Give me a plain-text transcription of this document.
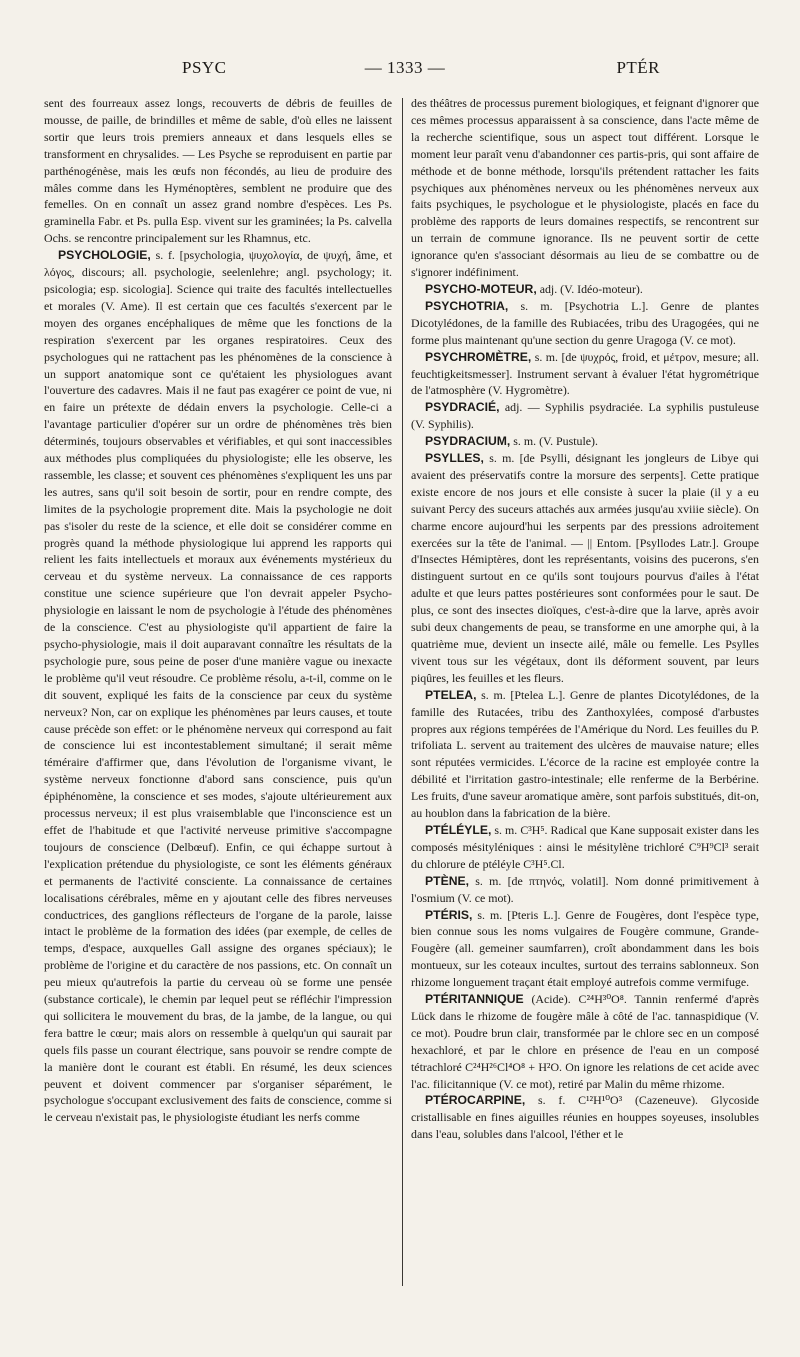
PSYC	— 1333 —	PTÉR

sent des fourreaux assez longs, recouverts de débris de feuilles de mousse, de paille, de brindilles et même de sable, d'où elles ne laissent sortir que leurs trois premiers anneaux et dans lesquels elles se transforment en chrysalides. — Les Psyche se reproduisent en partie par parthénogénèse, mais les œufs non fécondés, au lieu de produire des mâles comme dans les Hyménoptères, semblent ne produire que des femelles. On en connaît un assez grand nombre d'espèces. Les Ps. graminella Fabr. et Ps. pulla Esp. vivent sur les graminées; la Ps. calvella Ochs. se rencontre principalement sur les Rhamnus, etc.

PSYCHOLOGIE, s. f. [psychologia, ψυχολογία, de ψυχή, âme, et λόγος, discours; all. psychologie, seelenlehre; angl. psychology; it. psicologia; esp. sicologia]. Science qui traite des facultés intellectuelles et morales (V. Ame). Il est certain que ces facultés s'exercent par le moyen des organes encéphaliques de même que les fonctions de la respiration s'exercent par les organes respiratoires. Ceux des psychologues qui ne rattachent pas les phénomènes de la conscience à un support anatomique sont ce qu'étaient les physiologues avant l'ouverture des cadavres. Mais il ne faut pas exagérer ce point de vue, ni en faire un prétexte de dédain envers la psychologie. Celle-ci a l'avantage particulier d'opérer sur un ordre de phénomènes très bien déterminés, toujours observables et vérifiables, et qui sont inaccessibles aux méthodes plus compliquées du physiologiste; elle les observe, les rassemble, les classe; et souvent ces phénomènes s'expliquent les uns par les autres, sans qu'il soit besoin de sortir, pour en rendre compte, des limites de la psychologie proprement dite. Mais la psychologie ne doit pas s'isoler du reste de la science, et elle doit se considérer comme en progrès quand la méthode physiologique lui apprend les rapports qui relient les faits intellectuels et moraux aux événements mystérieux du cerveau et du système nerveux. La connaissance de ces rapports constitue une science supérieure que l'on devrait appeler Psycho-physiologie en laissant le nom de psychologie à l'étude des phénomènes de la conscience. C'est au physiologiste qu'il appartient de faire la psycho-physiologie, mais il doit auparavant connaître les résultats de la psychologie pure, sous peine de poser d'une manière vague ou inexacte le problème qu'il veut résoudre. Ce problème résolu, a-t-il, comme on le dit souvent, expliqué les faits de la conscience par ceux du système nerveux? Non, car on explique les phénomènes par leurs causes, et toute cause précède son effet: or le phénomène nerveux qui correspond au fait de conscience lui est incontestablement simultané; il serait même téméraire d'affirmer que, dans l'évolution de l'organisme vivant, le système nerveux fonctionne d'abord sans conscience, puis qu'un épiphénomène, la conscience et ses modes, s'ajoute ultérieurement aux processus nerveux; il est plus vraisemblable que l'inconscience est un effet de l'habitude et que l'activité nerveuse primitive s'accompagne toujours de conscience (Delbœuf). Enfin, ce qui échappe surtout à l'explication prétendue du physiologiste, ce sont les éléments généraux et permanents de l'activité consciente. La connaissance de certaines localisations cérébrales, même en y ajoutant celle des fibres nerveuses conductrices, des ganglions réflecteurs de l'organe de la parole, laisse intact le problème de la formation des idées (par exemple, de celles de temps, d'espace, auxquelles Gall assigne des organes spéciaux); le problème de l'origine et du caractère de nos passions, etc. On connaît un peu mieux qu'autrefois la partie du cerveau où se forme une pensée (substance corticale), le chemin par lequel peut se réfléchir l'impression qui sollicitera le mouvement du bras, de la jambe, de la langue, ou qui fera battre le cœur; mais alors on ressemble à quelqu'un qui saurait par quels fils passe un courant électrique, sans pouvoir se rendre compte de la manière dont le courant est établi. En résumé, les deux sciences peuvent et doivent commencer par s'organiser séparément, le psychologue s'occupant exclusivement des faits de conscience, comme si le cerveau n'existait pas, le physiologiste étudiant les nerfs comme

des théâtres de processus purement biologiques, et feignant d'ignorer que ces mêmes processus apparaissent à sa conscience, dans l'acte même de la recherche scientifique, sous un aspect tout différent. Lorsque le moment leur paraît venu d'abandonner ces partis-pris, qui sont affaire de méthode et de bonne méthode, lorsqu'ils prétendent rattacher les faits psychiques aux phénomènes nerveux ou les phénomènes nerveux aux faits psychiques, le psychologue et le physiologiste, placés en face du problème des rapports de leurs domaines respectifs, se rencontrent sur un terrain de commune ignorance. Ils ne peuvent sortir de cette ignorance qu'en s'associant désormais au lieu de se combattre ou de s'ignorer indéfiniment.

PSYCHO-MOTEUR, adj. (V. Idéo-moteur).

PSYCHOTRIA, s. m. [Psychotria L.]. Genre de plantes Dicotylédones, de la famille des Rubiacées, tribu des Uragogées, qui ne forme plus maintenant qu'une section du genre Uragoga (V. ce mot).

PSYCHROMÈTRE, s. m. [de ψυχρός, froid, et μέτρον, mesure; all. feuchtigkeitsmesser]. Instrument servant à évaluer l'état hygrométrique de l'atmosphère (V. Hygromètre).

PSYDRACIÉ, adj. — Syphilis psydraciée. La syphilis pustuleuse (V. Syphilis).

PSYDRACIUM, s. m. (V. Pustule).

PSYLLES, s. m. [de Psylli, désignant les jongleurs de Libye qui avaient des préservatifs contre la morsure des serpents]. Cette pratique existe encore de nos jours et elle consiste à sucer la plaie (il y a eu suivant Percy des suceurs attachés aux armées jusqu'au xviiie siècle). On charme encore aujourd'hui les serpents par des pressions adroitement exercées sur la tête de l'animal. — || Entom. [Psyllodes Latr.]. Groupe d'Insectes Hémiptères, dont les représentants, voisins des pucerons, s'en distinguent surtout en ce qu'ils sont toujours pourvus d'ailes à l'état adulte et que leurs pattes postérieures sont conformées pour le saut. De plus, ce sont des insectes dioïques, c'est-à-dire que la larve, après avoir subi deux changements de peau, se transforme en une amorphe qui, à la quatrième mue, devient un insecte ailé, mâle ou femelle. Les Psylles vivent tous sur les végétaux, dont ils déforment souvent, par leurs piqûres, les feuilles et les fleurs.

PTELEA, s. m. [Ptelea L.]. Genre de plantes Dicotylédones, de la famille des Rutacées, tribu des Zanthoxylées, composé d'arbustes propres aux régions tempérées de l'Amérique du Nord. Les feuilles du P. trifoliata L. servent au traitement des ulcères de mauvaise nature; elles sont réputées vermicides. L'écorce de la racine est employée contre la débilité et l'irritation gastro-intestinale; elle renferme de la Berbérine. Les fruits, d'une saveur aromatique amère, sont parfois substitués, dit-on, au houblon dans la fabrication de la bière.

PTÉLÉYLE, s. m. C³H⁵. Radical que Kane supposait exister dans les composés mésityléniques : ainsi le mésitylène trichloré C⁹H⁹Cl³ serait du chlorure de ptéléyle C³H⁵.Cl.

PTÈNE, s. m. [de πτηνός, volatil]. Nom donné primitivement à l'osmium (V. ce mot).

PTÉRIS, s. m. [Pteris L.]. Genre de Fougères, dont l'espèce type, bien connue sous les noms vulgaires de Fougère commune, Grande-Fougère (all. gemeiner saumfarren), croît abondamment dans les bois montueux, sur les coteaux incultes, surtout des terrains sablonneux. Son rhizome longuement traçant était employé autrefois comme vermifuge.

PTÉRITANNIQUE (Acide). C²⁴H³⁰O⁸. Tannin renfermé d'après Lück dans le rhizome de fougère mâle à côté de l'ac. tannaspidique (V. ce mot). Poudre brun clair, transformée par le chlore sec en un composé hexachloré, et par le chlore en présence de l'eau en un composé tétrachloré C²⁴H²⁶Cl⁴O⁸ + H²O. On ignore les relations de cet acide avec l'ac. filicitannique (V. ce mot), retiré par Malin du même rhizome.

PTÉROCARPINE, s. f. C¹²H¹⁰O³ (Cazeneuve). Glycoside cristallisable en fines aiguilles réunies en houppes soyeuses, insolubles dans l'eau, solubles dans l'alcool, l'éther et le
